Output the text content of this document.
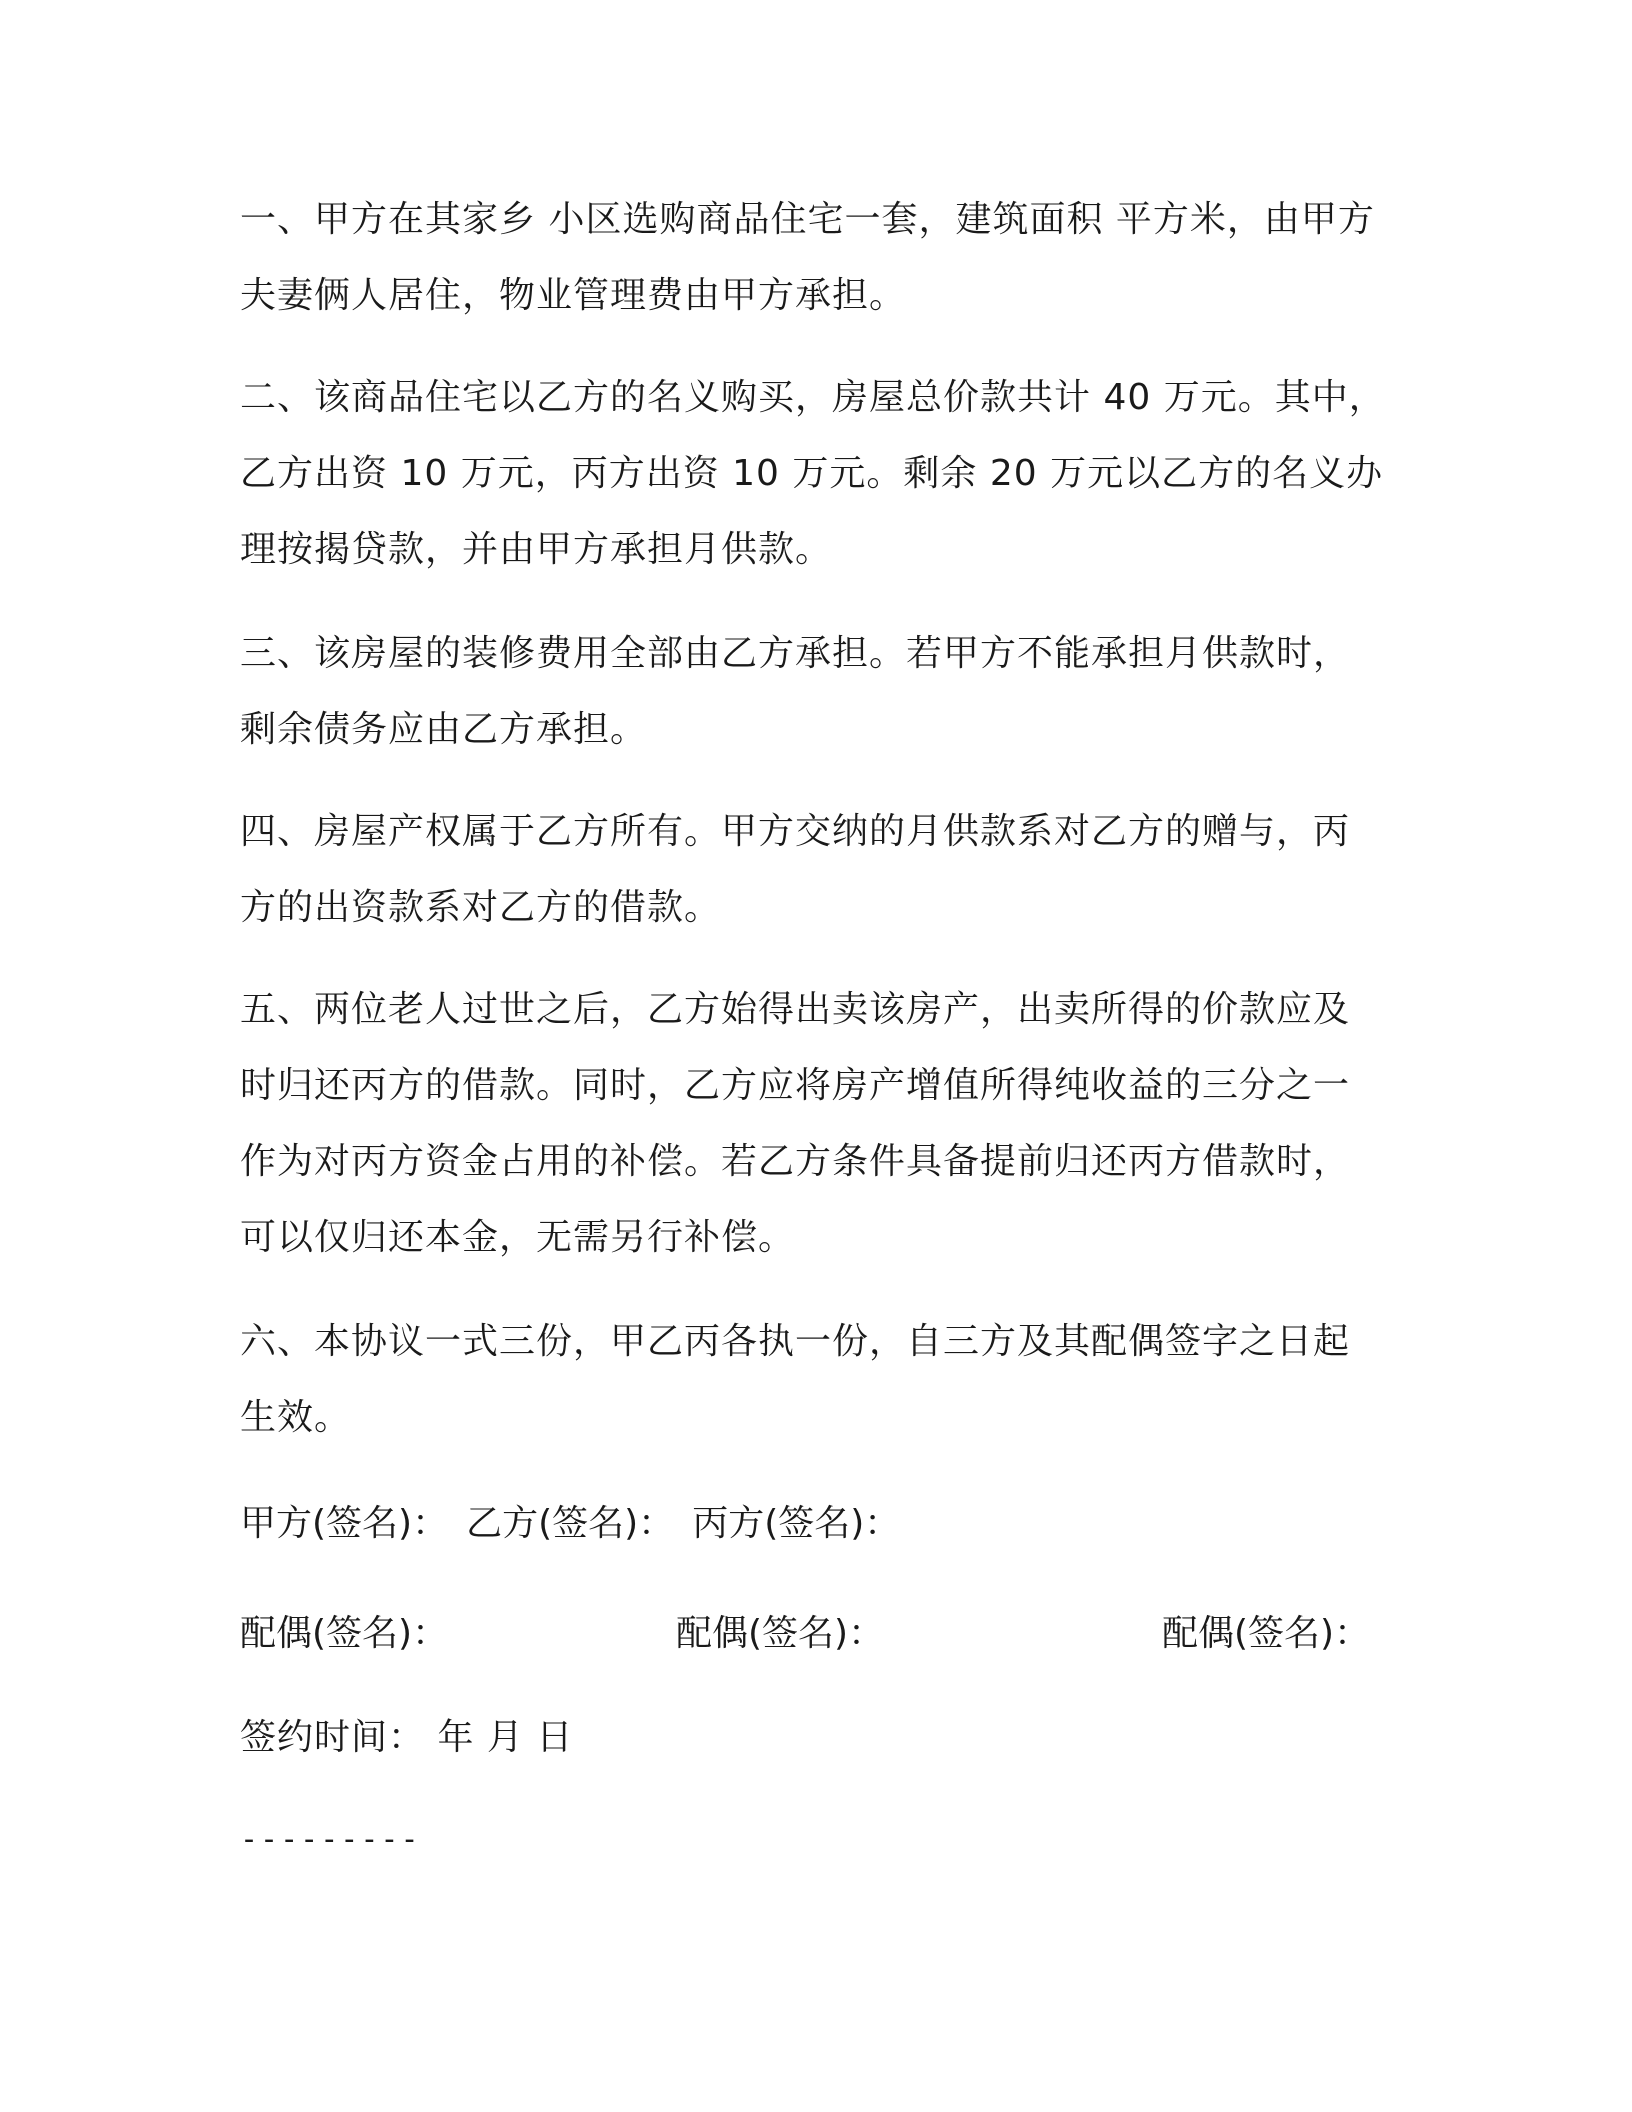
一、甲方在其家乡 小区选购商品住宅一套，建筑面积 平方米，由甲方
夫妻俩人居住，物业管理费由甲方承担。
二、该商品住宅以乙方的名义购买，房屋总价款共计 40 万元。其中，
乙方出资 10 万元，丙方出资 10 万元。剩余 20 万元以乙方的名义办
理按揭贷款，并由甲方承担月供款。
三、该房屋的装修费用全部由乙方承担。若甲方不能承担月供款时，
剩余债务应由乙方承担。
四、房屋产权属于乙方所有。甲方交纳的月供款系对乙方的赠与，丙
方的出资款系对乙方的借款。
五、两位老人过世之后，乙方始得出卖该房产，出卖所得的价款应及
时归还丙方的借款。同时，乙方应将房产增值所得纯收益的三分之一
作为对丙方资金占用的补偿。若乙方条件具备提前归还丙方借款时，
可以仅归还本金，无需另行补偿。
六、本协议一式三份，甲乙丙各执一份，自三方及其配偶签字之日起
生效。
甲方(签名)： 乙方(签名)： 丙方(签名)：
配偶(签名)：	配偶(签名)：	配偶(签名)：
签约时间： 年 月 日
---------
